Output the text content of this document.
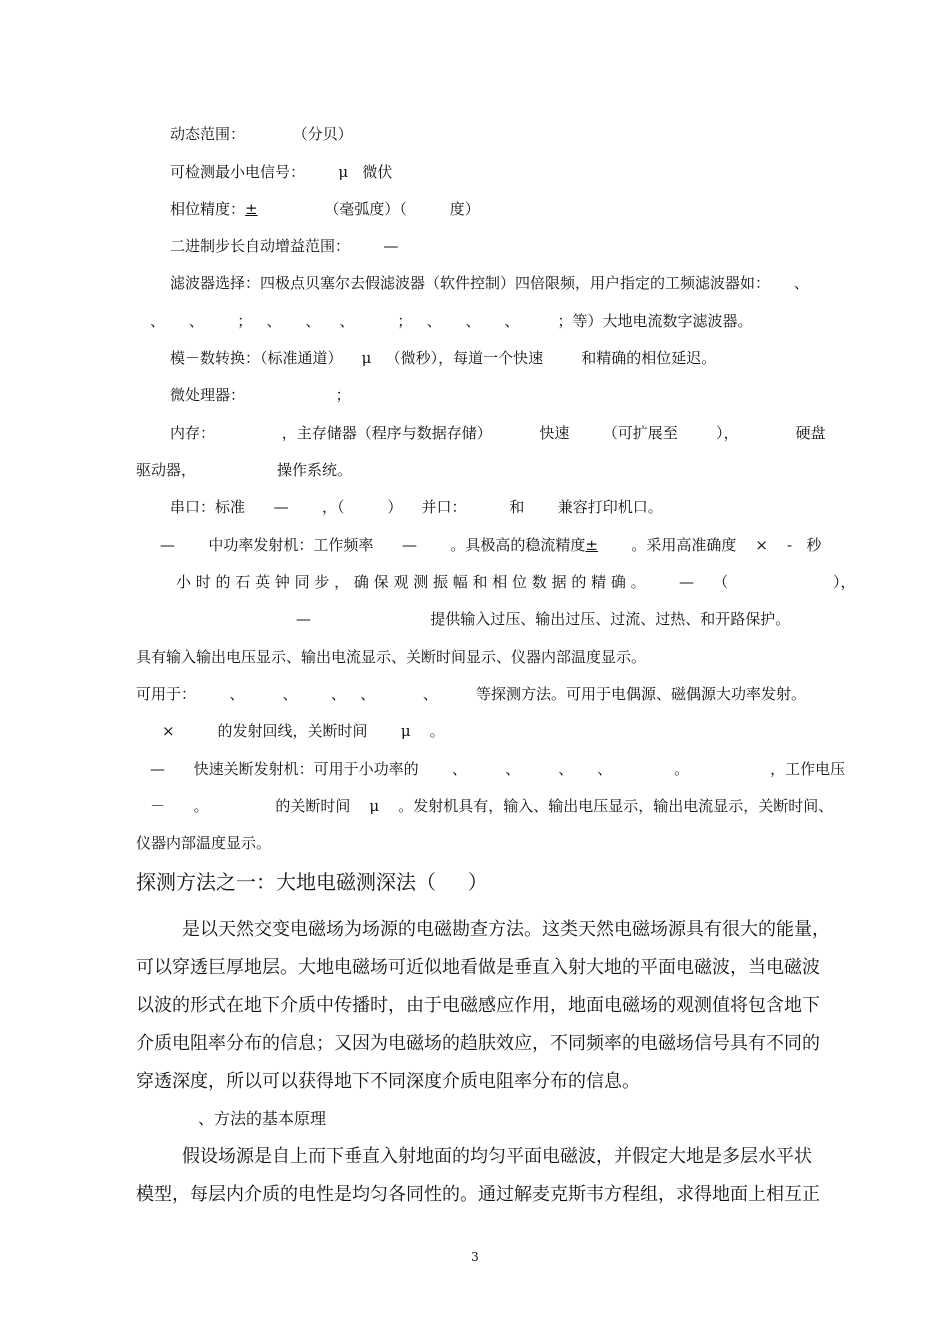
动态范围：          （分贝）
可检测最小电信号：       μ   微伏
相位精度：±              （毫弧度）（         度）
二进制步长自动增益范围：       —
滤波器选择：四极点贝塞尔去假滤波器（软件控制）四倍限频，用户指定的工频滤波器如：     、
、     、       ；   、     、    、         ；   、     、     、        ；等）大地电流数字滤波器。
模－数转换：（标准通道）    μ   （微秒），每道一个快速        和精确的相位延迟。
微处理器：                   ；
内存：              ，主存储器（程序与数据存储）          快速       （可扩展至        ），            硬盘
驱动器，                 操作系统。
串口：标准      —       ，（         ）    并口：         和       兼容打印机口。
—       中功率发射机：工作频率      —       。具极高的稳流精度±       。采用高准确度    ×    -   秒
小 时 的 石 英 钟 同 步 ， 确 保 观 测 振 幅 和 相 位 数 据 的 精 确 。       —    （                      ），
—                         提供输入过压、输出过压、过流、过热、和开路保护。
具有输入输出电压显示、输出电流显示、关断时间显示、仪器内部温度显示。
可用于：       、        、       、   、          、        等探测方法。可用于电偶源、磁偶源大功率发射。
×         的发射回线，关断时间       μ    。
—      快速关断发射机：可用于小功率的       、        、        、     、             。                 ，工作电压
－      。              的关断时间    μ    。发射机具有，输入、输出电压显示，输出电流显示，关断时间、
仪器内部温度显示。
探测方法之一：大地电磁测深法（     ）
是以天然交变电磁场为场源的电磁勘查方法。这类天然电磁场源具有很大的能量，
可以穿透巨厚地层。大地电磁场可近似地看做是垂直入射大地的平面电磁波，当电磁波
以波的形式在地下介质中传播时，由于电磁感应作用，地面电磁场的观测值将包含地下
介质电阻率分布的信息；又因为电磁场的趋肤效应，不同频率的电磁场信号具有不同的
穿透深度，所以可以获得地下不同深度介质电阻率分布的信息。
、方法的基本原理
假设场源是自上而下垂直入射地面的均匀平面电磁波，并假定大地是多层水平状
模型，每层内介质的电性是均匀各同性的。通过解麦克斯韦方程组，求得地面上相互正
3
